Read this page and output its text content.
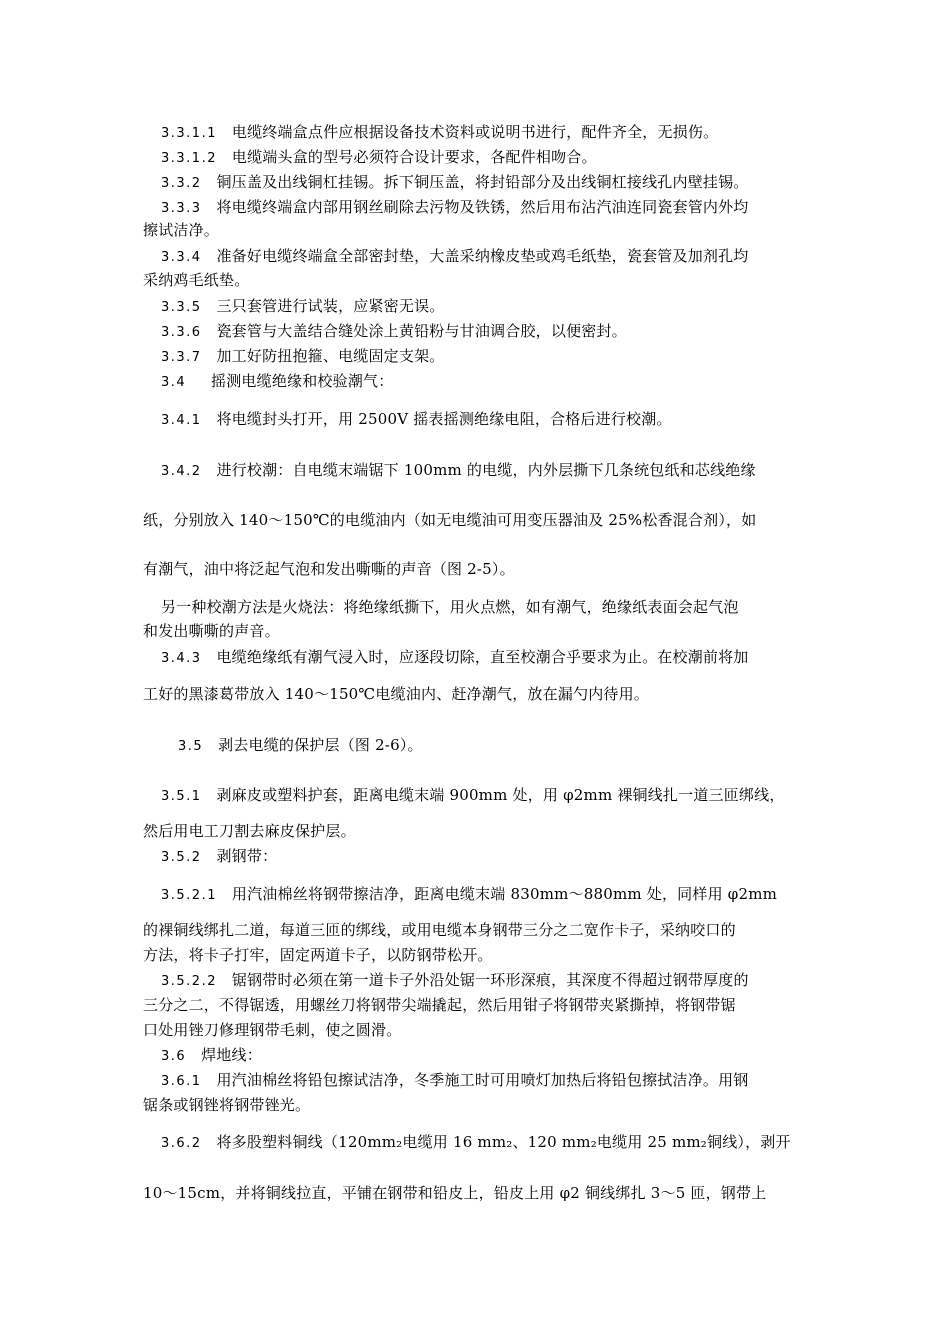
3.3.1.1 电缆终端盒点件应根据设备技术资料或说明书进行，配件齐全，无损伤。
3.3.1.2 电缆端头盒的型号必须符合设计要求，各配件相吻合。
3.3.2 铜压盖及出线铜杠挂锡。拆下铜压盖，将封铅部分及出线铜杠接线孔内壁挂锡。
3.3.3 将电缆终端盒内部用钢丝刷除去污物及铁锈，然后用布沾汽油连同瓷套管内外均
擦试洁净。
3.3.4 准备好电缆终端盒全部密封垫，大盖采纳橡皮垫或鸡毛纸垫，瓷套管及加剂孔均
采纳鸡毛纸垫。
3.3.5 三只套管进行试装，应紧密无误。
3.3.6 瓷套管与大盖结合缝处涂上黄铅粉与甘油调合胶，以便密封。
3.3.7 加工好防扭抱箍、电缆固定支架。
3.4 摇测电缆绝缘和校验潮气：
3.4.1 将电缆封头打开，用 2500V 摇表摇测绝缘电阻，合格后进行校潮。
3.4.2 进行校潮：自电缆末端锯下 100mm 的电缆，内外层撕下几条统包纸和芯线绝缘
纸，分别放入 140～150℃的电缆油内（如无电缆油可用变压器油及 25%松香混合剂），如
有潮气，油中将泛起气泡和发出嘶嘶的声音（图 2-5）。
另一种校潮方法是火烧法：将绝缘纸撕下，用火点燃，如有潮气，绝缘纸表面会起气泡
和发出嘶嘶的声音。
3.4.3 电缆绝缘纸有潮气浸入时，应逐段切除，直至校潮合乎要求为止。在校潮前将加
工好的黑漆葛带放入 140～150℃电缆油内、赶净潮气，放在漏勺内待用。
3.5 剥去电缆的保护层（图 2-6）。
3.5.1 剥麻皮或塑料护套，距离电缆末端 900mm 处，用 φ2mm 裸铜线扎一道三匝绑线，
然后用电工刀割去麻皮保护层。
3.5.2 剥钢带：
3.5.2.1 用汽油棉丝将钢带擦洁净，距离电缆末端 830mm～880mm 处，同样用 φ2mm
的裸铜线绑扎二道，每道三匝的绑线，或用电缆本身钢带三分之二宽作卡子，采纳咬口的
方法，将卡子打牢，固定两道卡子，以防钢带松开。
3.5.2.2 锯钢带时必须在第一道卡子外沿处锯一环形深痕，其深度不得超过钢带厚度的
三分之二，不得锯透，用螺丝刀将钢带尖端撬起，然后用钳子将钢带夹紧撕掉，将钢带锯
口处用锉刀修理钢带毛刺，使之圆滑。
3.6 焊地线：
3.6.1 用汽油棉丝将铅包擦试洁净，冬季施工时可用喷灯加热后将铅包擦拭洁净。用钢
锯条或钢锉将钢带锉光。
3.6.2 将多股塑料铜线（120mm₂电缆用 16 mm₂、120 mm₂电缆用 25 mm₂铜线），剥开
10～15cm，并将铜线拉直，平铺在钢带和铅皮上，铅皮上用 φ2 铜线绑扎 3～5 匝，钢带上
